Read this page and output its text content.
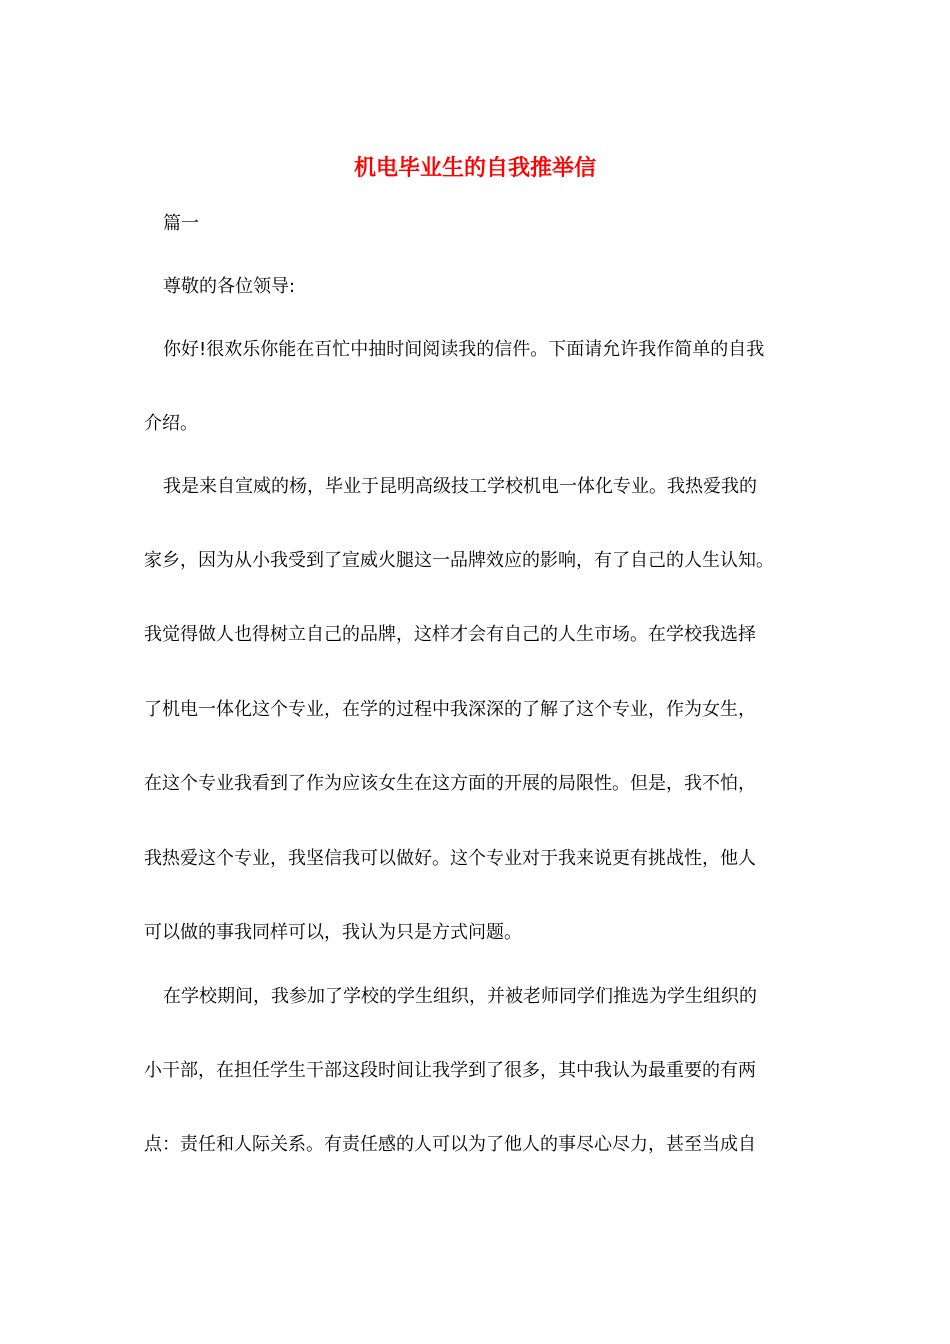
机电毕业生的自我推举信
篇一
尊敬的各位领导:
你好!很欢乐你能在百忙中抽时间阅读我的信件。下面请允许我作简单的自我
介绍。
我是来自宣威的杨，毕业于昆明高级技工学校机电一体化专业。我热爱我的
家乡，因为从小我受到了宣威火腿这一品牌效应的影响，有了自己的人生认知。
我觉得做人也得树立自己的品牌，这样才会有自己的人生市场。在学校我选择
了机电一体化这个专业，在学的过程中我深深的了解了这个专业，作为女生，
在这个专业我看到了作为应该女生在这方面的开展的局限性。但是，我不怕，
我热爱这个专业，我坚信我可以做好。这个专业对于我来说更有挑战性，他人
可以做的事我同样可以，我认为只是方式问题。
在学校期间，我参加了学校的学生组织，并被老师同学们推选为学生组织的
小干部，在担任学生干部这段时间让我学到了很多，其中我认为最重要的有两
点：责任和人际关系。有责任感的人可以为了他人的事尽心尽力，甚至当成自
